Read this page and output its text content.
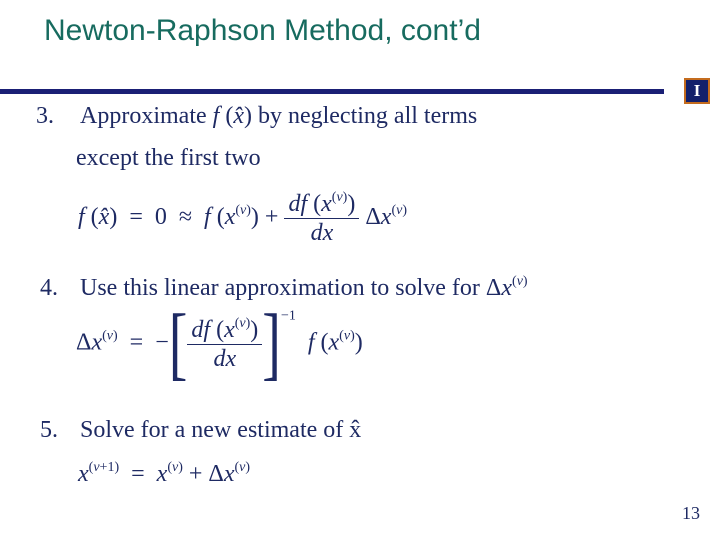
Newton-Raphson Method, cont’d
I
3. Approximate f (x̂) by neglecting all terms
except the first two
f (x̂)  =  0  ≈  f $(x^{(v)}) + \frac{df (x^{(v)})}{dx} \Delta x^{(v)}$
4. Use this linear approximation to solve for $\Delta x^{(v)}$
$\Delta x^{(v)}$  =  −[ $\frac{df (x^{(v)})}{dx} ]^{-1}$  f $(x^{(v)})$
5. Solve for a new estimate of x̂
$x^{(v+1)} = x^{(v)} + \Delta x^{(v)}$
13
